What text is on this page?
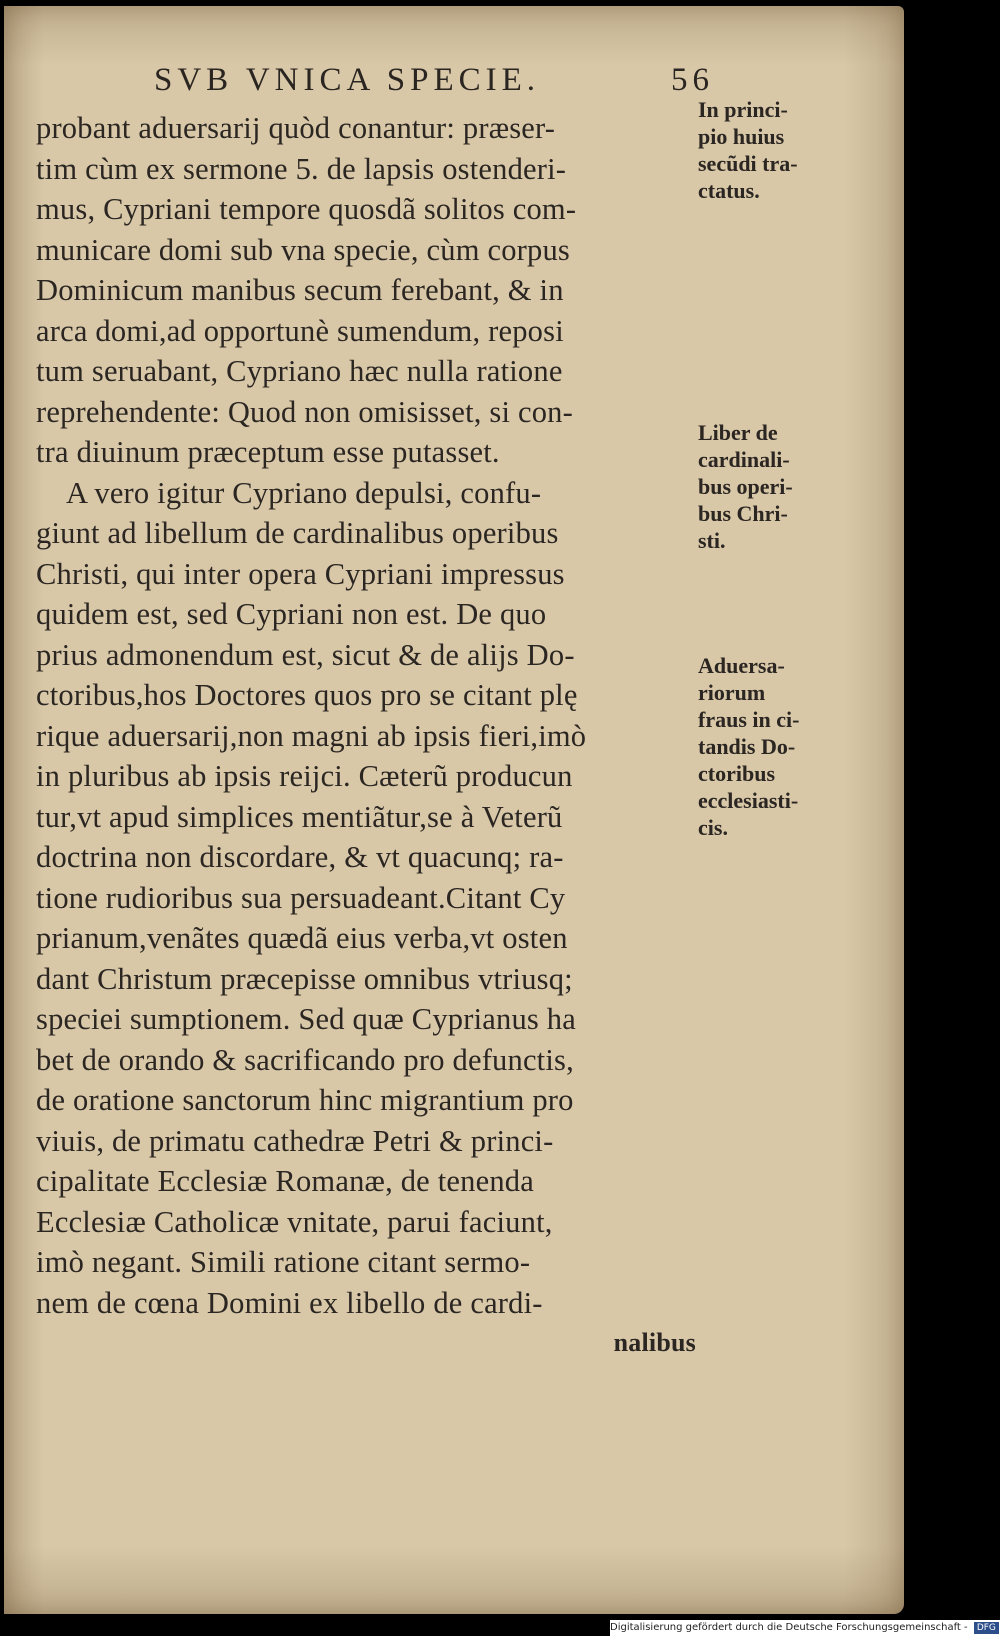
SVB VNICA SPECIE.	56
probant aduersarij quòd conantur: præser-
tim cùm ex sermone 5. de lapsis ostenderi-
mus, Cypriani tempore quosdã solitos com-
municare domi sub vna specie, cùm corpus
Dominicum manibus secum ferebant, & in
arca domi,ad opportunè sumendum, reposi
tum seruabant, Cypriano hæc nulla ratione
reprehendente: Quod non omisisset, si con-
tra diuinum præceptum esse putasset.
A vero igitur Cypriano depulsi, confu-
giunt ad libellum de cardinalibus operibus
Christi, qui inter opera Cypriani impressus
quidem est, sed Cypriani non est. De quo
prius admonendum est, sicut & de alijs Do-
ctoribus,hos Doctores quos pro se citant plę
rique aduersarij,non magni ab ipsis fieri,imò
in pluribus ab ipsis reijci. Cæterũ producun
tur,vt apud simplices mentiãtur,se à Veterũ
doctrina non discordare, & vt quacunq; ra-
tione rudioribus sua persuadeant.Citant Cy
prianum,venãtes quædã eius verba,vt osten
dant Christum præcepisse omnibus vtriusq;
speciei sumptionem. Sed quæ Cyprianus ha
bet de orando & sacrificando pro defunctis,
de oratione sanctorum hinc migrantium pro
viuis, de primatu cathedræ Petri & princi-
cipalitate Ecclesiæ Romanæ, de tenenda
Ecclesiæ Catholicæ vnitate, parui faciunt,
imò negant. Simili ratione citant sermo-
nem de cœna Domini ex libello de cardi-
nalibus
In princi-
pio huius
secũdi tra-
ctatus.
Liber de
cardinali-
bus operi-
bus Chri-
sti.
Aduersa-
riorum
fraus in ci-
tandis Do-
ctoribus
ecclesiasti-
cis.
Digitalisierung gefördert durch die Deutsche Forschungsgemeinschaft - DFG
